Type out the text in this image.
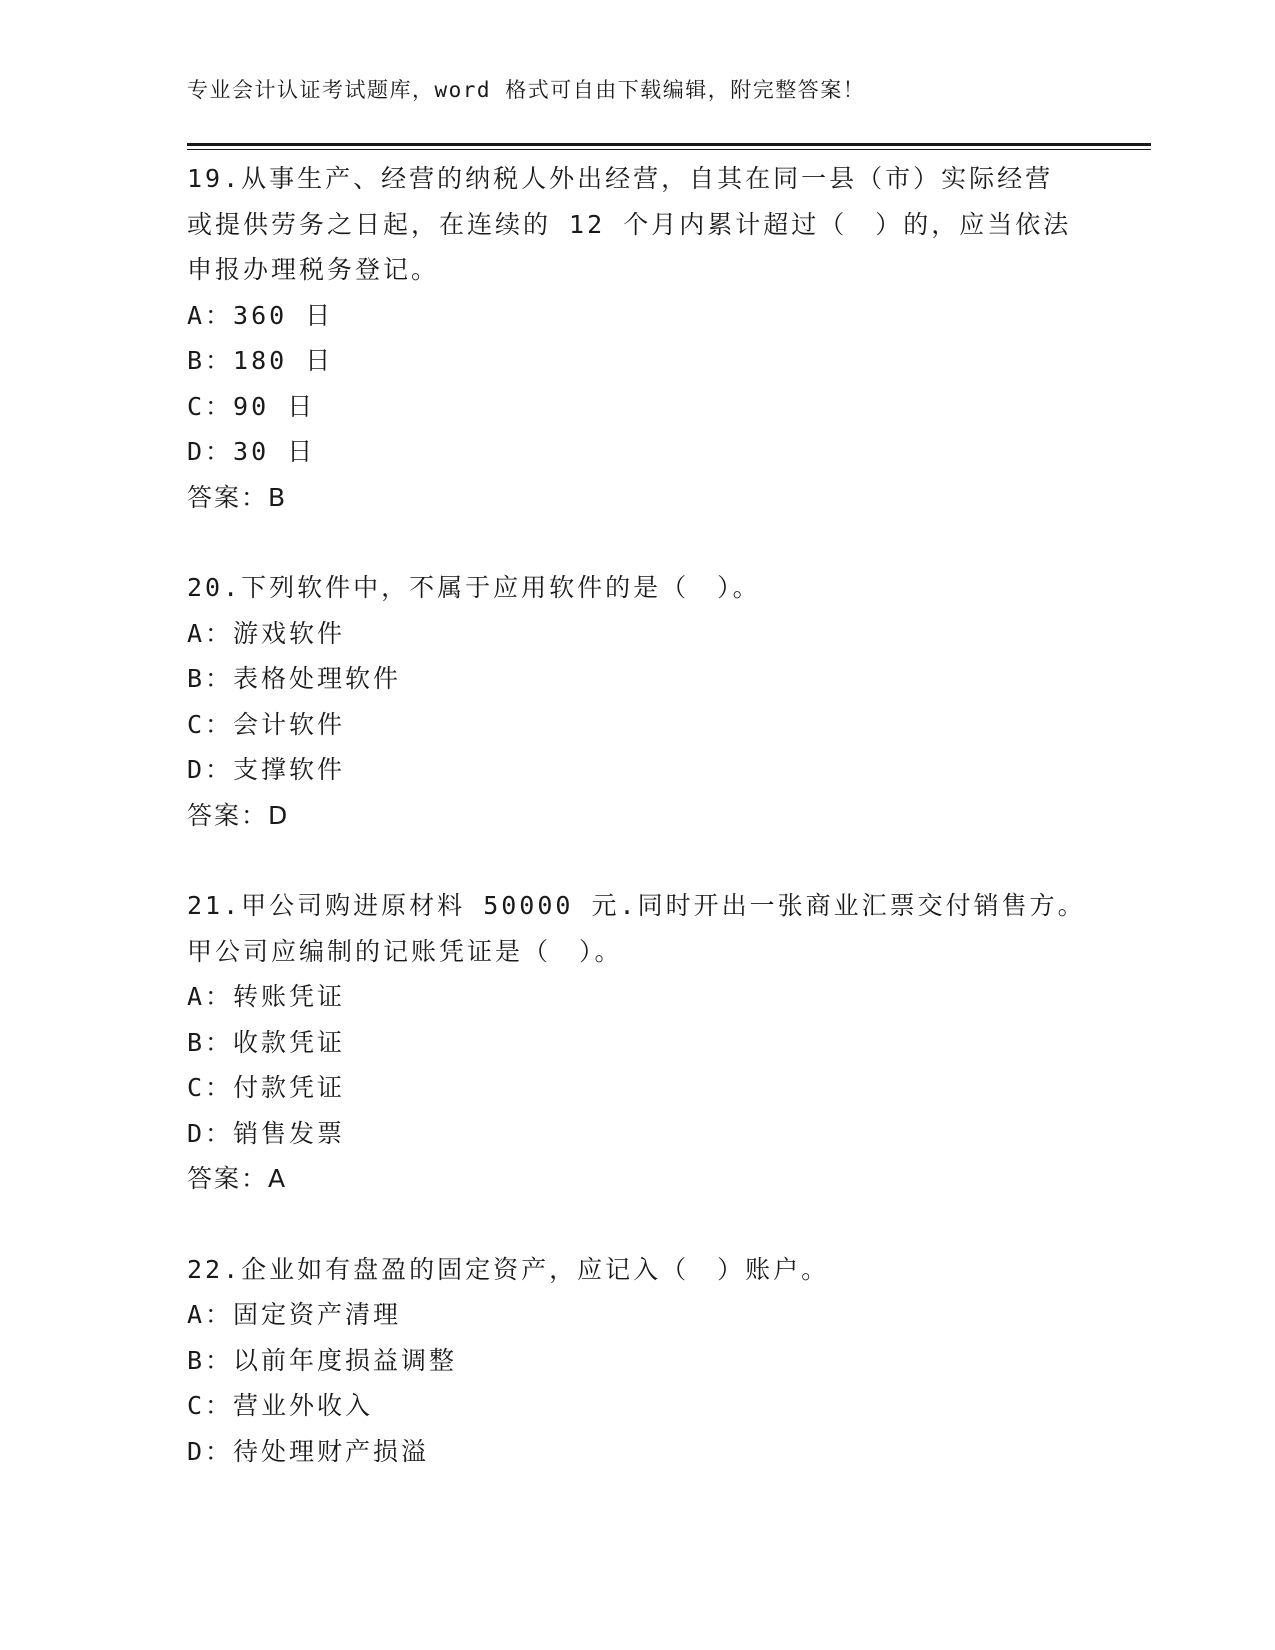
专业会计认证考试题库，word 格式可自由下载编辑，附完整答案！
19.从事生产、经营的纳税人外出经营，自其在同一县（市）实际经营
或提供劳务之日起，在连续的 12 个月内累计超过（　）的，应当依法
申报办理税务登记。
A：360 日
B：180 日
C：90 日
D：30 日
答案：B
20.下列软件中，不属于应用软件的是（　）。
A：游戏软件
B：表格处理软件
C：会计软件
D：支撑软件
答案：D
21.甲公司购进原材料 50000 元.同时开出一张商业汇票交付销售方。
甲公司应编制的记账凭证是（　）。
A：转账凭证
B：收款凭证
C：付款凭证
D：销售发票
答案：A
22.企业如有盘盈的固定资产，应记入（　）账户。
A：固定资产清理
B：以前年度损益调整
C：营业外收入
D：待处理财产损溢
